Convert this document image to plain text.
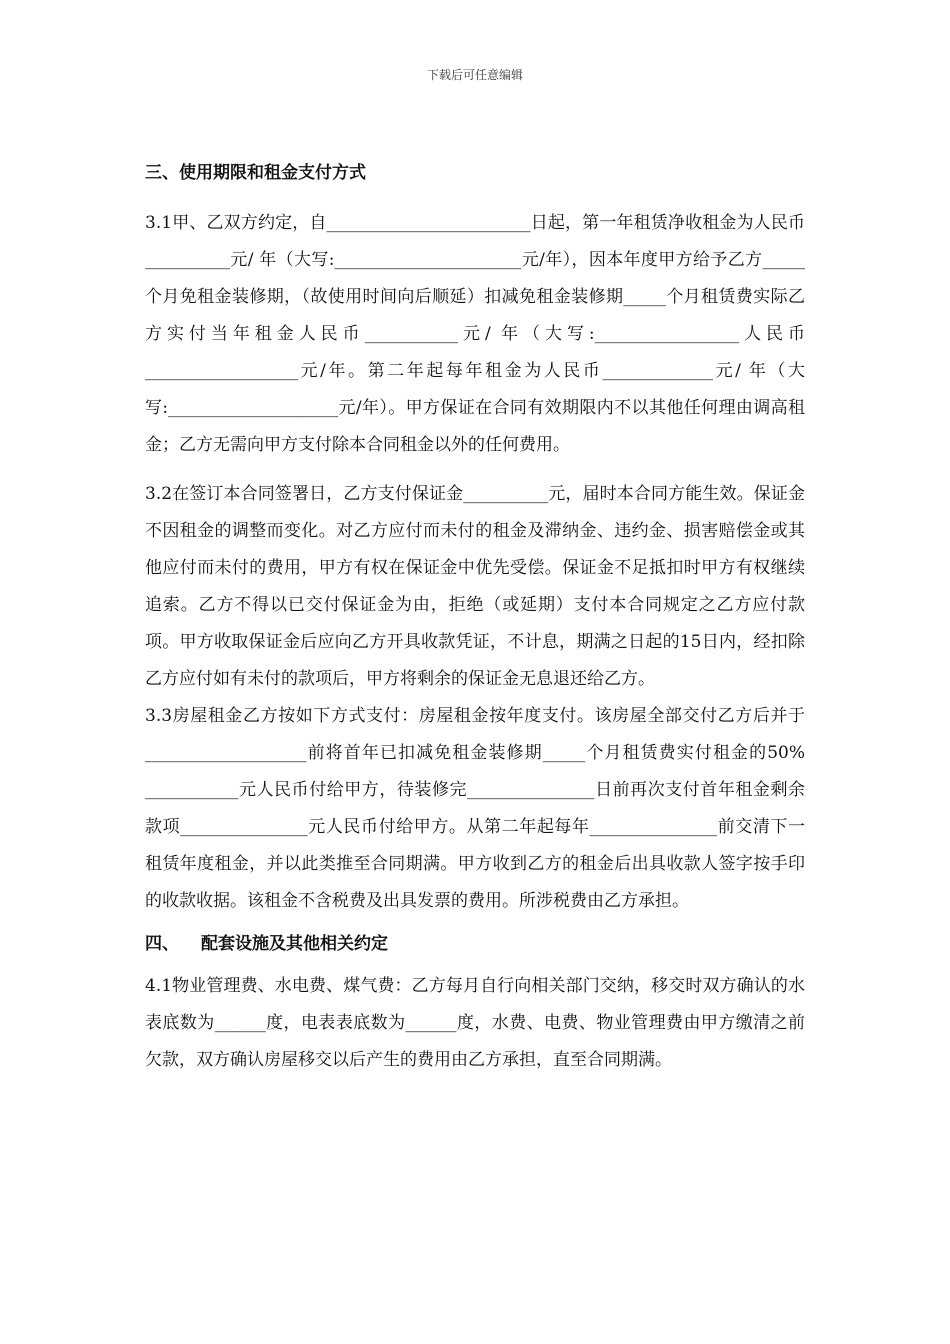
下载后可任意编辑

三、使用期限和租金支付方式

3.1甲、乙双方约定，自________________________日起，第一年租赁净收租金为人民币__________元/ 年（大写:______________________元/年），因本年度甲方给予乙方_____个月免租金装修期，（故使用时间向后顺延）扣减免租金装修期_____个月租赁费实际乙方实付当年租金人民币___________元/ 年（大写:_________________人民币__________________元/年。第二年起每年租金为人民币_____________元/ 年（大写:____________________元/年）。甲方保证在合同有效期限内不以其他任何理由调高租金；乙方无需向甲方支付除本合同租金以外的任何费用。

3.2在签订本合同签署日，乙方支付保证金__________元，届时本合同方能生效。保证金不因租金的调整而变化。对乙方应付而未付的租金及滞纳金、违约金、损害赔偿金或其他应付而未付的费用，甲方有权在保证金中优先受偿。保证金不足抵扣时甲方有权继续追索。乙方不得以已交付保证金为由，拒绝（或延期）支付本合同规定之乙方应付款项。甲方收取保证金后应向乙方开具收款凭证，不计息，期满之日起的15日内，经扣除乙方应付如有未付的款项后，甲方将剩余的保证金无息退还给乙方。

3.3房屋租金乙方按如下方式支付：房屋租金按年度支付。该房屋全部交付乙方后并于___________________前将首年已扣减免租金装修期_____个月租赁费实付租金的50% ___________元人民币付给甲方，待装修完_______________日前再次支付首年租金剩余款项_______________元人民币付给甲方。从第二年起每年_______________前交清下一租赁年度租金，并以此类推至合同期满。甲方收到乙方的租金后出具收款人签字按手印的收款收据。该租金不含税费及出具发票的费用。所涉税费由乙方承担。

四、 配套设施及其他相关约定

4.1物业管理费、水电费、煤气费：乙方每月自行向相关部门交纳，移交时双方确认的水表底数为______度，电表表底数为______度，水费、电费、物业管理费由甲方缴清之前欠款，双方确认房屋移交以后产生的费用由乙方承担，直至合同期满。
